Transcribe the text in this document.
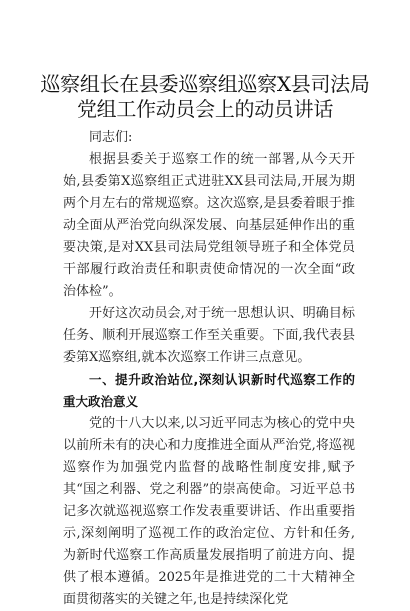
巡察组长在县委巡察组巡察Ⅹ县司法局党组工作动员会上的动员讲话

同志们:

根据县委关于巡察工作的统一部署,从今天开始,县委第Ⅹ巡察组正式进驻XX县司法局,开展为期两个月左右的常规巡察。这次巡察,是县委着眼于推动全面从严治党向纵深发展、向基层延伸作出的重要决策,是对XX县司法局党组领导班子和全体党员干部履行政治责任和职责使命情况的一次全面“政治体检”。

开好这次动员会,对于统一思想认识、明确目标任务、顺利开展巡察工作至关重要。下面,我代表县委第Ⅹ巡察组,就本次巡察工作讲三点意见。

一、提升政治站位,深刻认识新时代巡察工作的重大政治意义

党的十八大以来,以习近平同志为核心的党中央以前所未有的决心和力度推进全面从严治党,将巡视巡察作为加强党内监督的战略性制度安排,赋予其“国之利器、党之利器”的崇高使命。习近平总书记多次就巡视巡察工作发表重要讲话、作出重要指示,深刻阐明了巡视工作的政治定位、方针和任务,为新时代巡察工作高质量发展指明了前进方向、提供了根本遵循。2025年是推进党的二十大精神全面贯彻落实的关键之年,也是持续深化党
